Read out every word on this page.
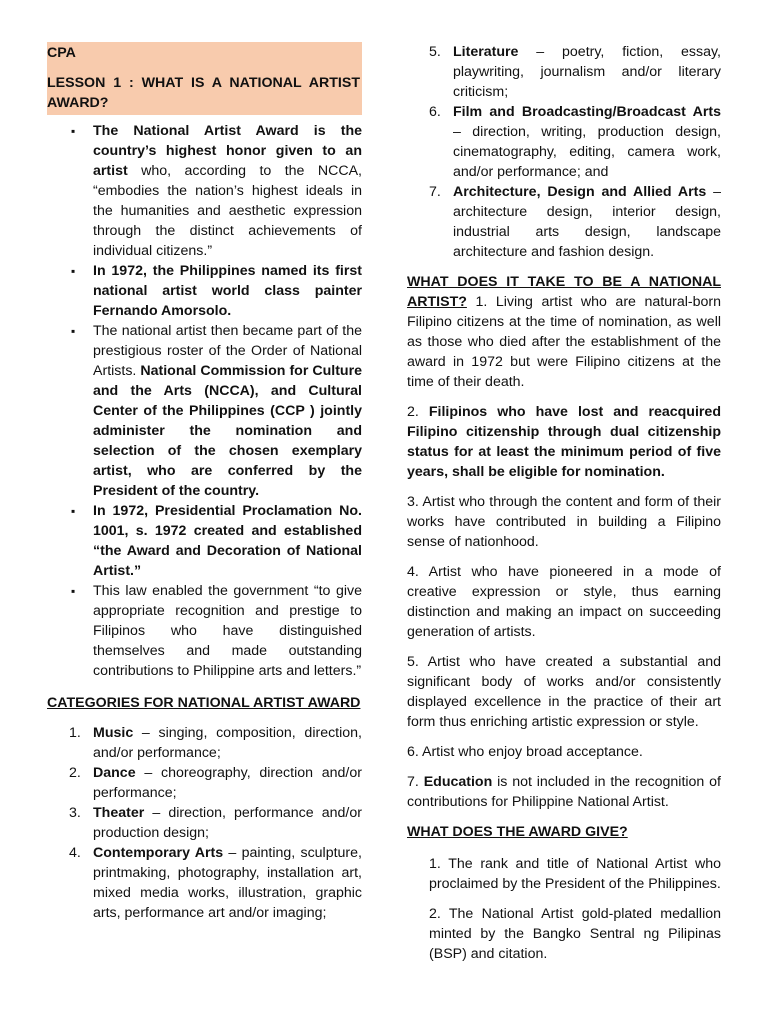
CPA

LESSON 1 : WHAT IS A NATIONAL ARTIST AWARD?

▪ The National Artist Award is the country’s highest honor given to an artist who, according to the NCCA, “embodies the nation’s highest ideals in the humanities and aesthetic expression through the distinct achievements of individual citizens.”
▪ In 1972, the Philippines named its first national artist world class painter Fernando Amorsolo.
▪ The national artist then became part of the prestigious roster of the Order of National Artists. National Commission for Culture and the Arts (NCCA), and Cultural Center of the Philippines (CCP ) jointly administer the nomination and selection of the chosen exemplary artist, who are conferred by the President of the country.
▪ In 1972, Presidential Proclamation No. 1001, s. 1972 created and established “the Award and Decoration of National Artist.”
▪ This law enabled the government “to give appropriate recognition and prestige to Filipinos who have distinguished themselves and made outstanding contributions to Philippine arts and letters.”

CATEGORIES FOR NATIONAL ARTIST AWARD

1. Music – singing, composition, direction, and/or performance;
2. Dance – choreography, direction and/or performance;
3. Theater – direction, performance and/or production design;
4. Contemporary Arts – painting, sculpture, printmaking, photography, installation art, mixed media works, illustration, graphic arts, performance art and/or imaging;
5. Literature – poetry, fiction, essay, playwriting, journalism and/or literary criticism;
6. Film and Broadcasting/Broadcast Arts – direction, writing, production design, cinematography, editing, camera work, and/or performance; and
7. Architecture, Design and Allied Arts – architecture design, interior design, industrial arts design, landscape architecture and fashion design.

WHAT DOES IT TAKE TO BE A NATIONAL ARTIST? 1. Living artist who are natural-born Filipino citizens at the time of nomination, as well as those who died after the establishment of the award in 1972 but were Filipino citizens at the time of their death.

2. Filipinos who have lost and reacquired Filipino citizenship through dual citizenship status for at least the minimum period of five years, shall be eligible for nomination.

3. Artist who through the content and form of their works have contributed in building a Filipino sense of nationhood.

4. Artist who have pioneered in a mode of creative expression or style, thus earning distinction and making an impact on succeeding generation of artists.

5. Artist who have created a substantial and significant body of works and/or consistently displayed excellence in the practice of their art form thus enriching artistic expression or style.

6. Artist who enjoy broad acceptance.

7. Education is not included in the recognition of contributions for Philippine National Artist.

WHAT DOES THE AWARD GIVE?

1. The rank and title of National Artist who proclaimed by the President of the Philippines.

2. The National Artist gold-plated medallion minted by the Bangko Sentral ng Pilipinas (BSP) and citation.
